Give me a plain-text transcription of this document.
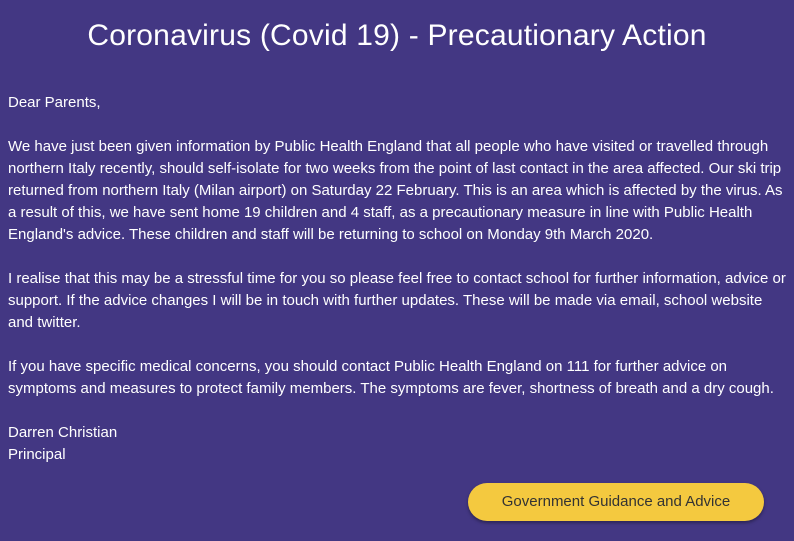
Coronavirus (Covid 19) - Precautionary Action

Dear Parents,

We have just been given information by Public Health England that all people who have visited or travelled through northern Italy recently, should self-isolate for two weeks from the point of last contact in the area affected. Our ski trip returned from northern Italy (Milan airport) on Saturday 22 February. This is an area which is affected by the virus. As a result of this, we have sent home 19 children and 4 staff, as a precautionary measure in line with Public Health England's advice. These children and staff will be returning to school on Monday 9th March 2020.

I realise that this may be a stressful time for you so please feel free to contact school for further information, advice or support. If the advice changes I will be in touch with further updates. These will be made via email, school website and twitter.

If you have specific medical concerns, you should contact Public Health England on 111 for further advice on symptoms and measures to protect family members. The symptoms are fever, shortness of breath and a dry cough.

Darren Christian

Principal

Government Guidance and Advice
